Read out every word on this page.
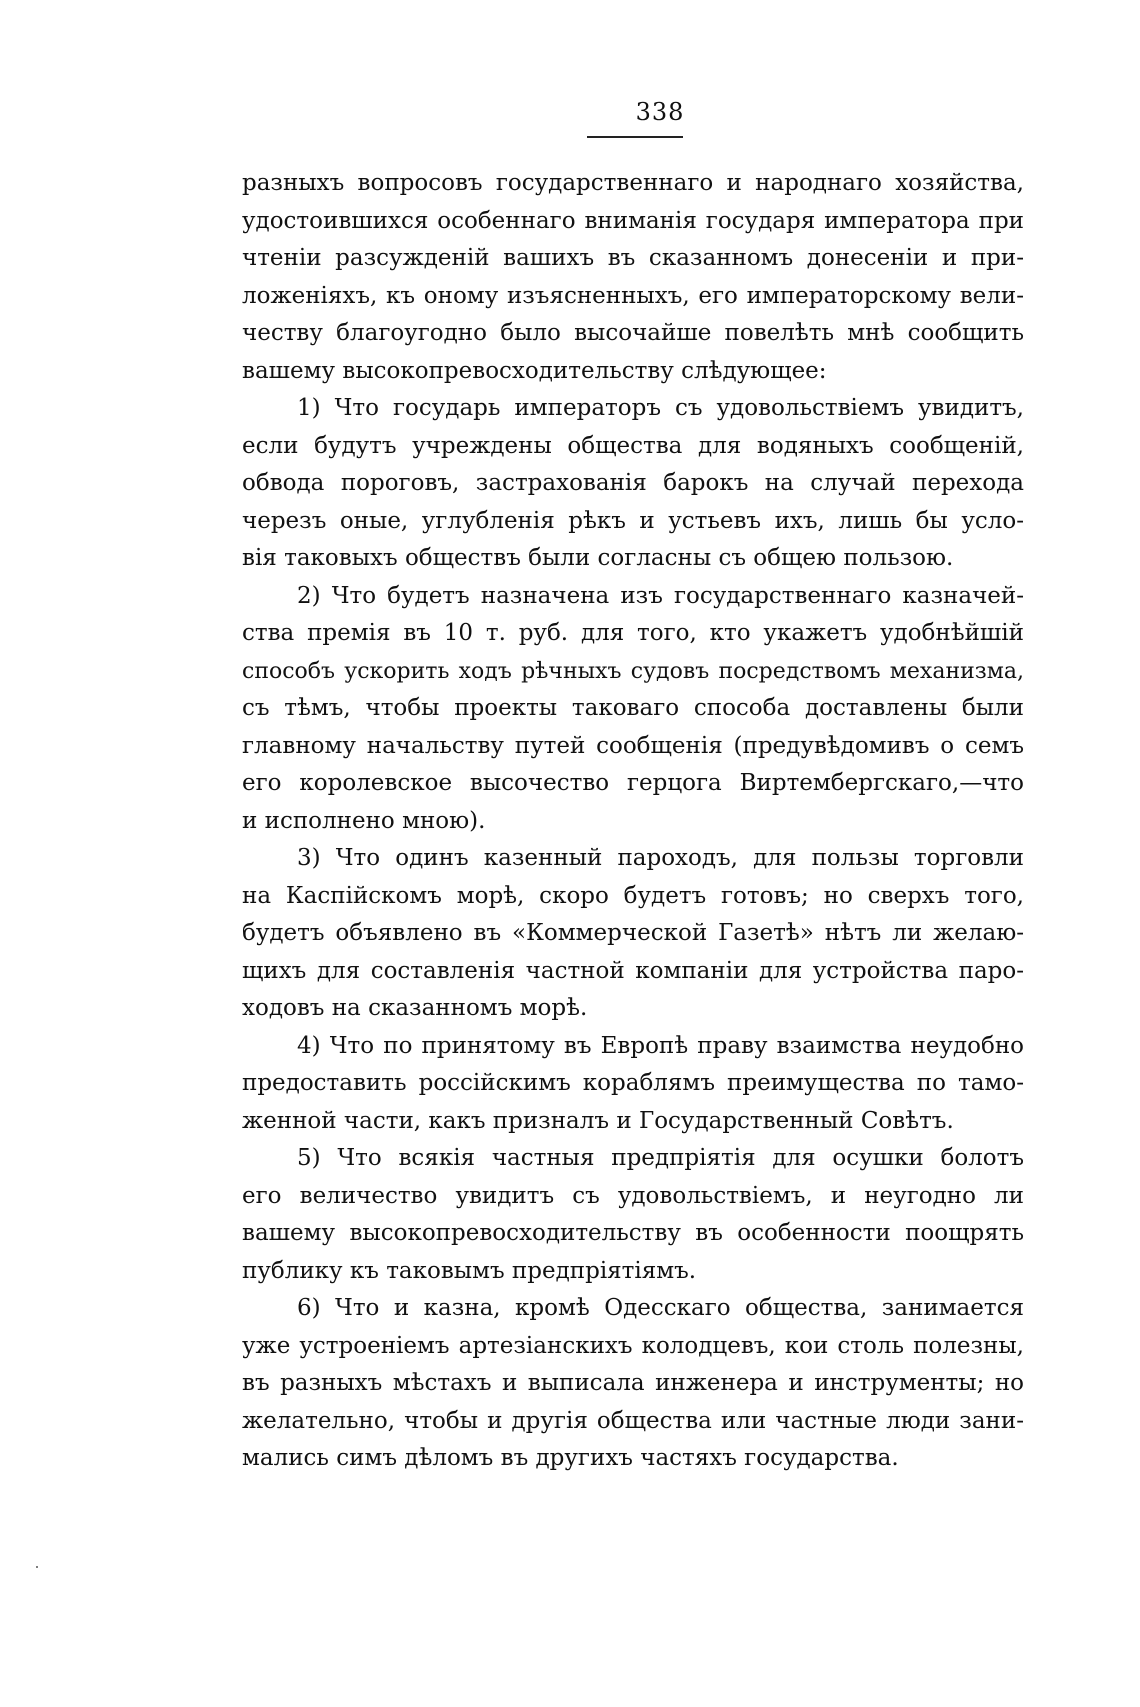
338
разныхъ вопросовъ государственнаго и народнаго хозяйства,
удостоившихся особеннаго вниманія государя императора при
чтеніи разсужденій вашихъ въ сказанномъ донесеніи и при-
ложеніяхъ, къ оному изъясненныхъ, его императорскому вели-
честву благоугодно было высочайше повелѣть мнѣ сообщить
вашему высокопревосходительству слѣдующее:
1) Что государь императоръ съ удовольствіемъ увидитъ,
если будутъ учреждены общества для водяныхъ сообщеній,
обвода пороговъ, застрахованія барокъ на случай перехода
черезъ оные, углубленія рѣкъ и устьевъ ихъ, лишь бы усло-
вія таковыхъ обществъ были согласны съ общею пользою.
2) Что будетъ назначена изъ государственнаго казначей-
ства премія въ 10 т. руб. для того, кто укажетъ удобнѣйшій
способъ ускорить ходъ рѣчныхъ судовъ посредствомъ механизма,
съ тѣмъ, чтобы проекты таковаго способа доставлены были
главному начальству путей сообщенія (предувѣдомивъ о семъ
его королевское высочество герцога Виртембергскаго,—что
и исполнено мною).
3) Что одинъ казенный пароходъ, для пользы торговли
на Каспійскомъ морѣ, скоро будетъ готовъ; но сверхъ того,
будетъ объявлено въ «Коммерческой Газетѣ» нѣтъ ли желаю-
щихъ для составленія частной компаніи для устройства паро-
ходовъ на сказанномъ морѣ.
4) Что по принятому въ Европѣ праву взаимства неудобно
предоставить россійскимъ кораблямъ преимущества по тамо-
женной части, какъ призналъ и Государственный Совѣтъ.
5) Что всякія частныя предпріятія для осушки болотъ
его величество увидитъ съ удовольствіемъ, и неугодно ли
вашему высокопревосходительству въ особенности поощрять
публику къ таковымъ предпріятіямъ.
6) Что и казна, кромѣ Одесскаго общества, занимается
уже устроеніемъ артезіанскихъ колодцевъ, кои столь полезны,
въ разныхъ мѣстахъ и выписала инженера и инструменты; но
желательно, чтобы и другія общества или частные люди зани-
мались симъ дѣломъ въ другихъ частяхъ государства.
